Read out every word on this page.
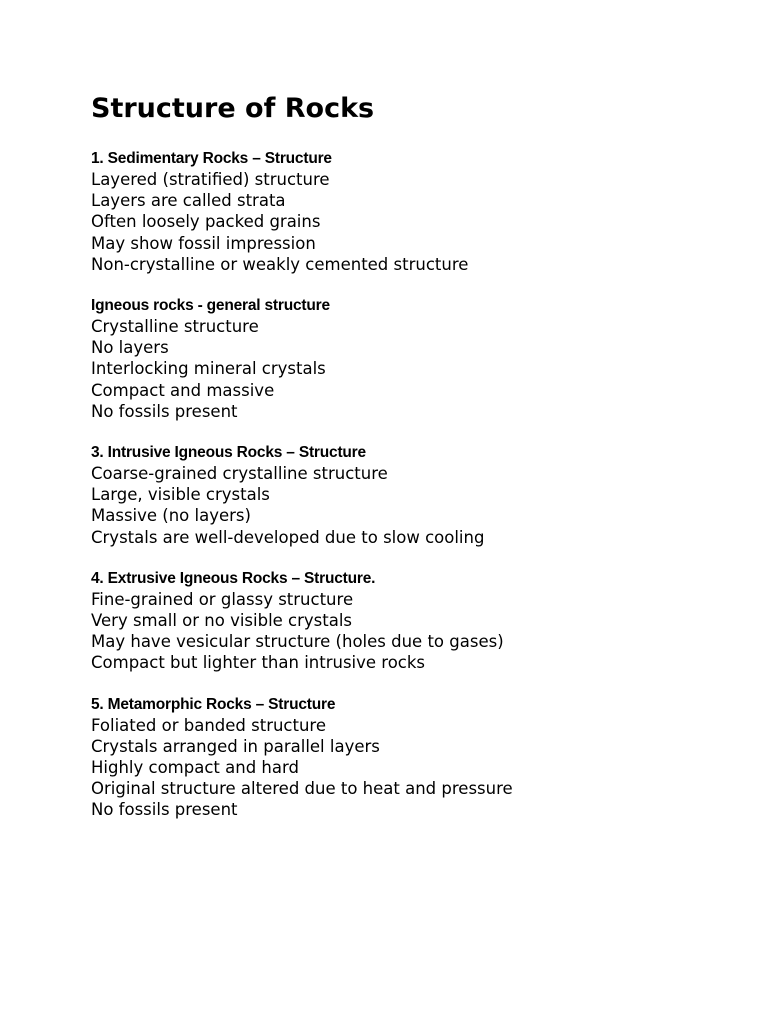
Structure of Rocks

1. Sedimentary Rocks – Structure

Layered (stratified) structure

Layers are called strata

Often loosely packed grains

May show fossil impression

Non-crystalline or weakly cemented structure

Igneous rocks - general structure

Crystalline structure

No layers

Interlocking mineral crystals

Compact and massive

No fossils present

3. Intrusive Igneous Rocks – Structure

Coarse-grained crystalline structure

Large, visible crystals

Massive (no layers)

Crystals are well-developed due to slow cooling

4. Extrusive Igneous Rocks – Structure.

Fine-grained or glassy structure

Very small or no visible crystals

May have vesicular structure (holes due to gases)

Compact but lighter than intrusive rocks

5. Metamorphic Rocks – Structure

Foliated or banded structure

Crystals arranged in parallel layers

Highly compact and hard

Original structure altered due to heat and pressure

No fossils present
